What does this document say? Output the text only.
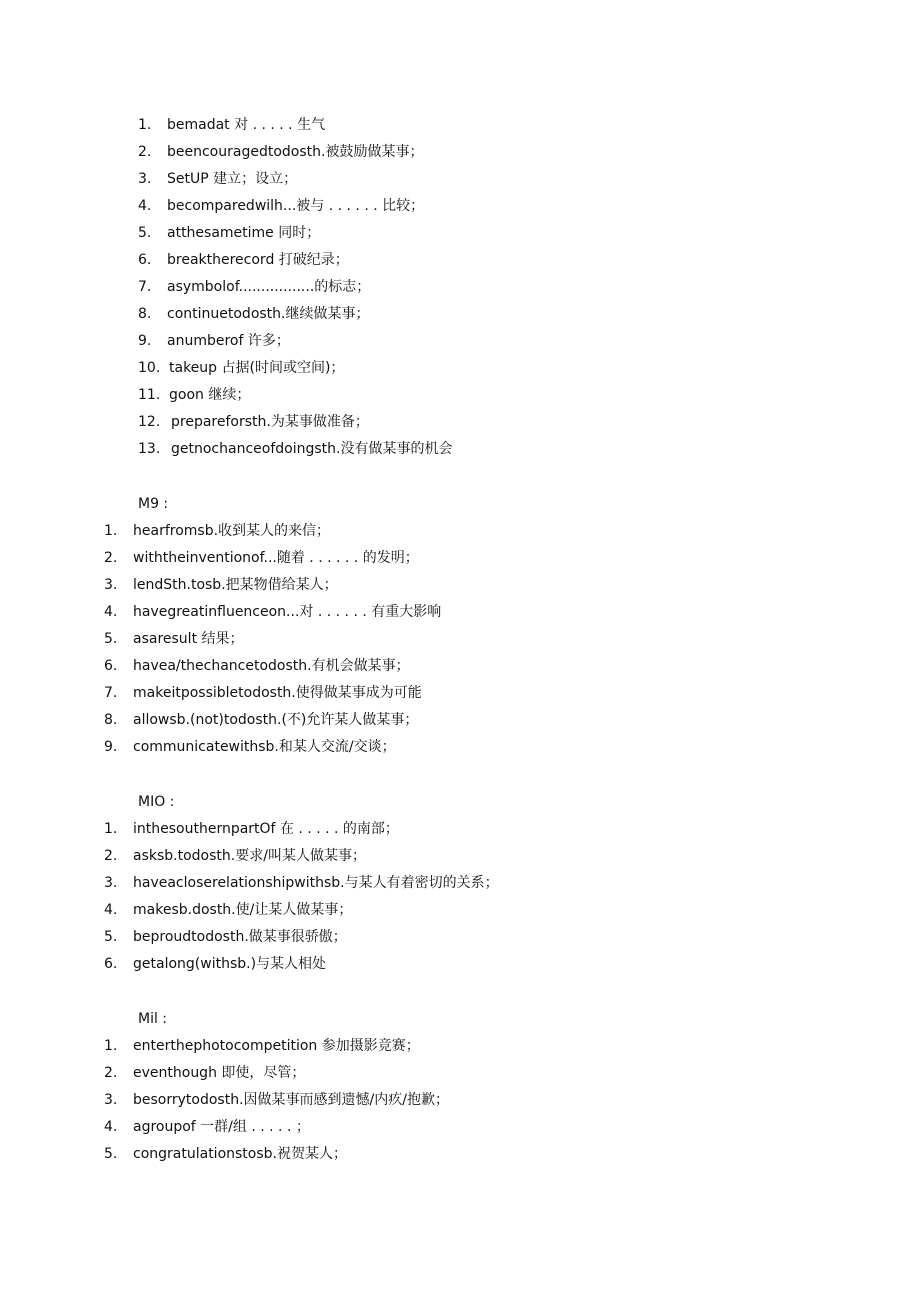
1. bemadat 对 . . . . . 生气
2. beencouragedtodosth.被鼓励做某事；
3. SetUP 建立；设立；
4. becomparedwilh...被与 . . . . . . 比较；
5. atthesametime 同时；
6. breaktherecord 打破纪录；
7. asymbolof.................的标志；
8. continuetodosth.继续做某事；
9. anumberof 许多；
10. takeup 占据(时间或空间)；
11. goon 继续；
12. prepareforsth.为某事做准备；
13. getnochanceofdoingsth.没有做某事的机会
M9 :
1. hearfromsb.收到某人的来信；
2. withtheinventionof...随着 . . . . . . 的发明；
3. lendSth.tosb.把某物借给某人；
4. havegreatinfluenceon...对 . . . . . . 有重大影响
5. asaresult 结果；
6. havea/thechancetodosth.有机会做某事；
7. makeitpossibletodosth.使得做某事成为可能
8. allowsb.(not)todosth.(不)允许某人做某事；
9. communicatewithsb.和某人交流/交谈；
MIO :
1. inthesouthernpartOf 在 . . . . . 的南部；
2. asksb.todosth.要求/叫某人做某事；
3. haveacloserelationshipwithsb.与某人有着密切的关系；
4. makesb.dosth.使/让某人做某事；
5. beproudtodosth.做某事很骄傲；
6. getalong(withsb.)与某人相处
Mil :
1. enterthephotocompetition 参加摄影竞赛；
2. eventhough 即使，尽管；
3. besorrytodosth.因做某事而感到遗憾/内疚/抱歉；
4. agroupof 一群/组 . . . . . ；
5. congratulationstosb.祝贺某人；
